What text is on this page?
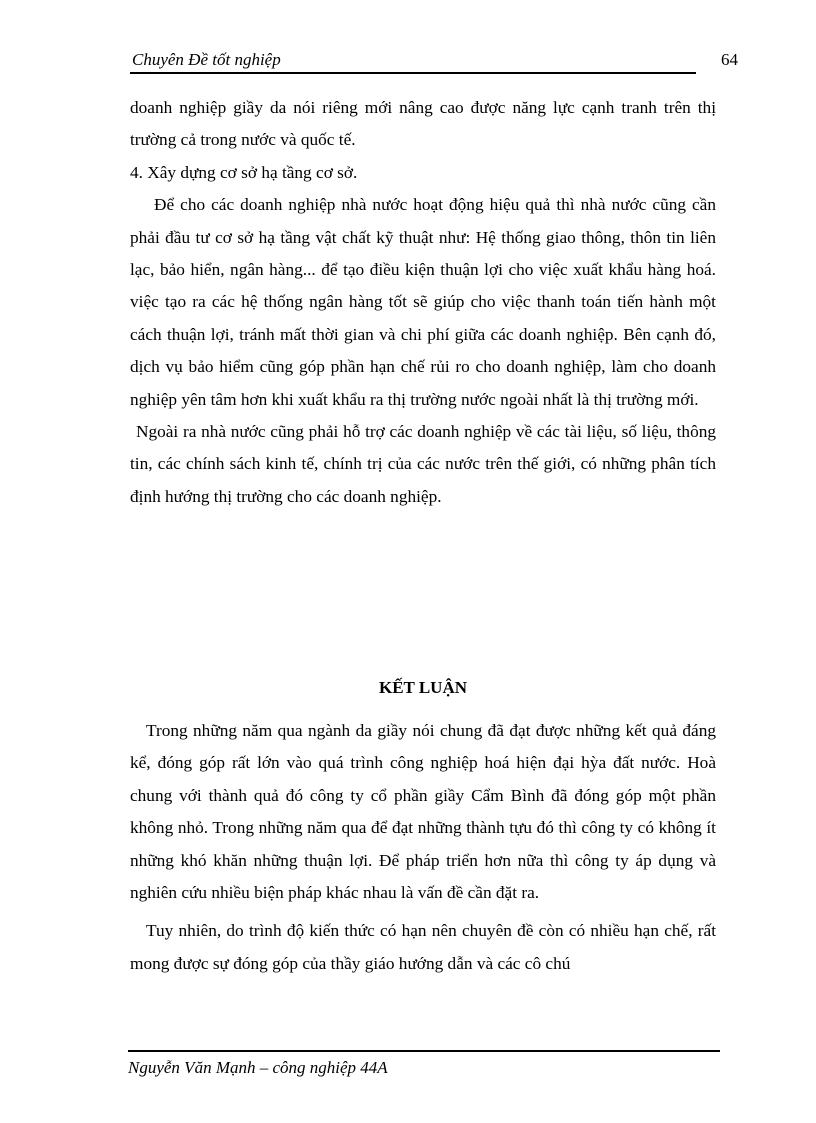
Chuyên Đề tốt nghiệp	64

doanh nghiệp giầy da nói riêng mới nâng cao được năng lực cạnh tranh trên thị trường cả trong nước và quốc tế.

4. Xây dựng cơ sở hạ tầng cơ sở.

Để cho các doanh nghiệp nhà nước hoạt động hiệu quả thì nhà nước cũng cần phải đầu tư cơ sở hạ tầng vật chất kỹ thuật như: Hệ thống giao thông, thôn tin liên lạc, bảo hiển, ngân hàng... để tạo điều kiện thuận lợi cho việc xuất khẩu hàng hoá. việc tạo ra các hệ thống ngân hàng tốt sẽ giúp cho việc thanh toán tiến hành một cách thuận lợi, tránh mất thời gian và chi phí giữa các doanh nghiệp. Bên cạnh đó, dịch vụ bảo hiểm cũng góp phần hạn chế rủi ro cho doanh nghiệp, làm cho doanh nghiệp yên tâm hơn khi xuất khẩu ra thị trường nước ngoài nhất là thị trường mới.

Ngoài ra nhà nước cũng phải hỗ trợ các doanh nghiệp về các tài liệu, số liệu, thông tin, các chính sách kinh tế, chính trị của các nước trên thế giới, có những phân tích định hướng thị trường cho các doanh nghiệp.

KẾT LUẬN

Trong những năm qua ngành da giầy nói chung đã đạt được những kết quả đáng kể, đóng góp rất lớn vào quá trình công nghiệp hoá hiện đại hỳa đất nước. Hoà chung với thành quả đó công ty cổ phần giầy Cẩm Bình đã đóng góp một phần không nhỏ. Trong những năm qua để đạt những thành tựu đó thì công ty có không ít những khó khăn những thuận lợi. Để pháp triển hơn nữa thì công ty áp dụng và nghiên cứu nhiều biện pháp khác nhau là vấn đề cần đặt ra.

Tuy nhiên, do trình độ kiến thức có hạn nên chuyên đề còn có nhiều hạn chế, rất mong được sự đóng góp của thầy giáo hướng dẫn và các cô chú

Nguyễn Văn Mạnh – công nghiệp 44A
